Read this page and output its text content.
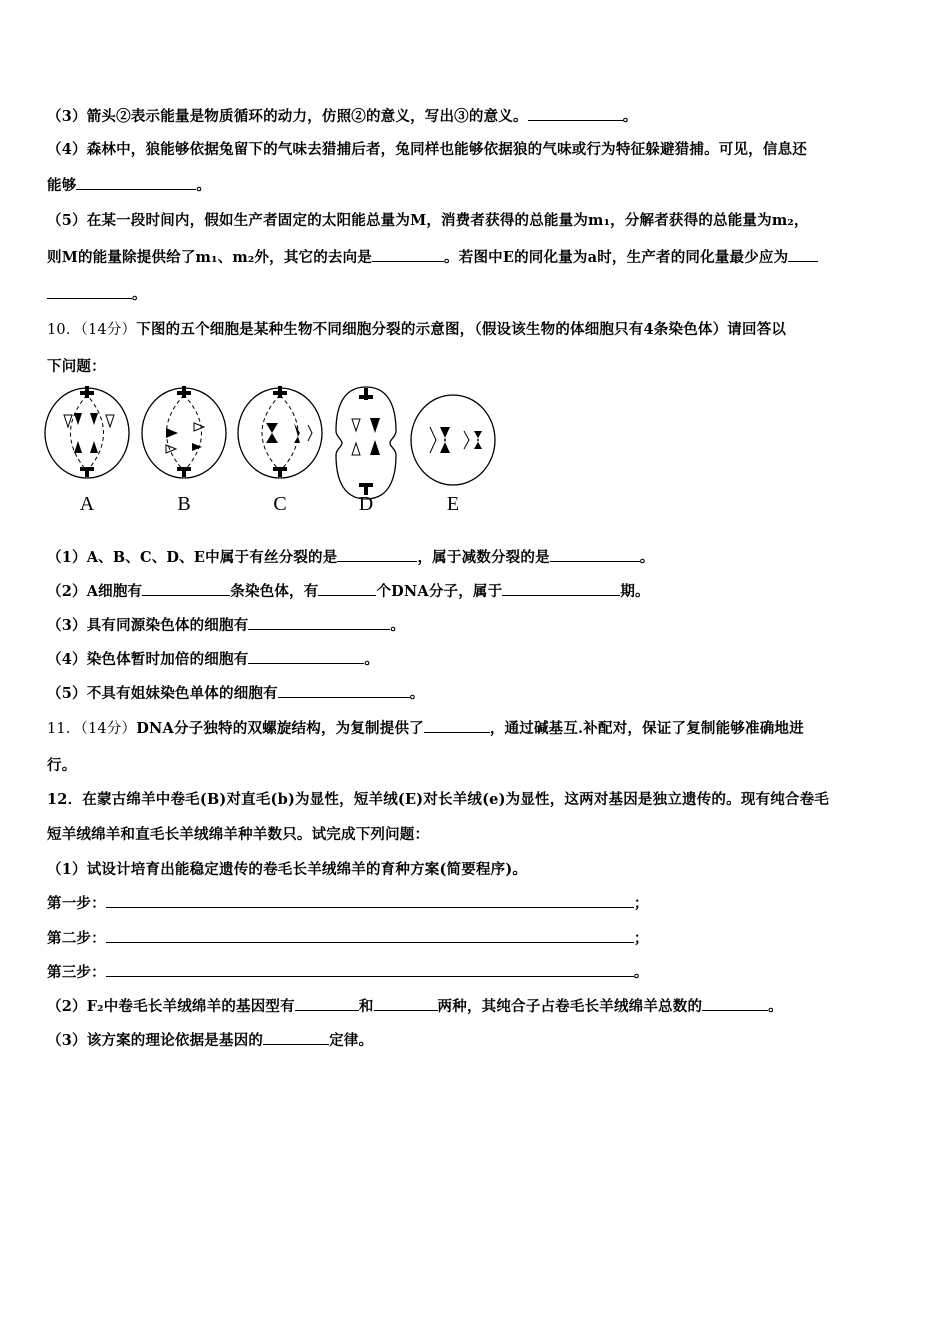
（3）箭头②表示能量是物质循环的动力，仿照②的意义，写出③的意义。	。
（4）森林中，狼能够依据兔留下的气味去猎捕后者，兔同样也能够依据狼的气味或行为特征躲避猎捕。可见，信息还
能够	。
（5）在某一段时间内，假如生产者固定的太阳能总量为M，消费者获得的总能量为m₁，分解者获得的总能量为m₂，
则M的能量除提供给了m₁、m₂外，其它的去向是	。若图中E的同化量为a时，生产者的同化量最少应为
。
10．（14分）下图的五个细胞是某种生物不同细胞分裂的示意图，（假设该生物的体细胞只有4条染色体）请回答以
下问题：
A	B	C	D	E
（1）A、B、C、D、E中属于有丝分裂的是	，属于减数分裂的是	。
（2）A细胞有	条染色体，有	个DNA分子，属于	期。
（3）具有同源染色体的细胞有	。
（4）染色体暂时加倍的细胞有	。
（5）不具有姐妹染色单体的细胞有	。
11．（14分）DNA分子独特的双螺旋结构，为复制提供了	，通过碱基互.补配对，保证了复制能够准确地进
行。
12．在蒙古绵羊中卷毛(B)对直毛(b)为显性，短羊绒(E)对长羊绒(e)为显性，这两对基因是独立遗传的。现有纯合卷毛
短羊绒绵羊和直毛长羊绒绵羊种羊数只。试完成下列问题：
（1）试设计培育出能稳定遗传的卷毛长羊绒绵羊的育种方案(简要程序)。
第一步：	；
第二步：	；
第三步：	。
（2）F₂中卷毛长羊绒绵羊的基因型有	和	两种，其纯合子占卷毛长羊绒绵羊总数的	。
（3）该方案的理论依据是基因的	定律。
